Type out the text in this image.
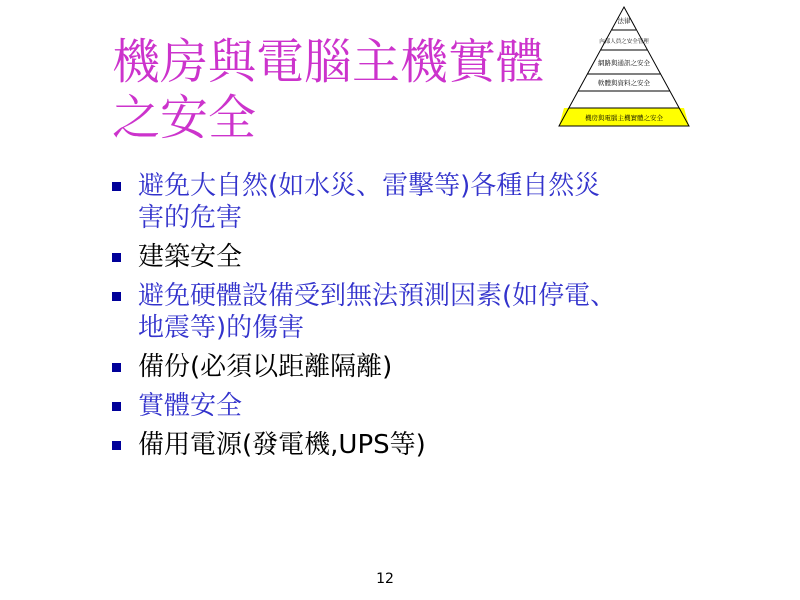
機房與電腦主機實體
之安全
法律
內部人員之安全管理
網路與通訊之安全
軟體與資料之安全
機房與電腦主機實體之安全
避免大自然(如水災、雷擊等)各種自然災
害的危害
建築安全
避免硬體設備受到無法預測因素(如停電、
地震等)的傷害
備份(必須以距離隔離)
實體安全
備用電源(發電機,UPS等)
12
